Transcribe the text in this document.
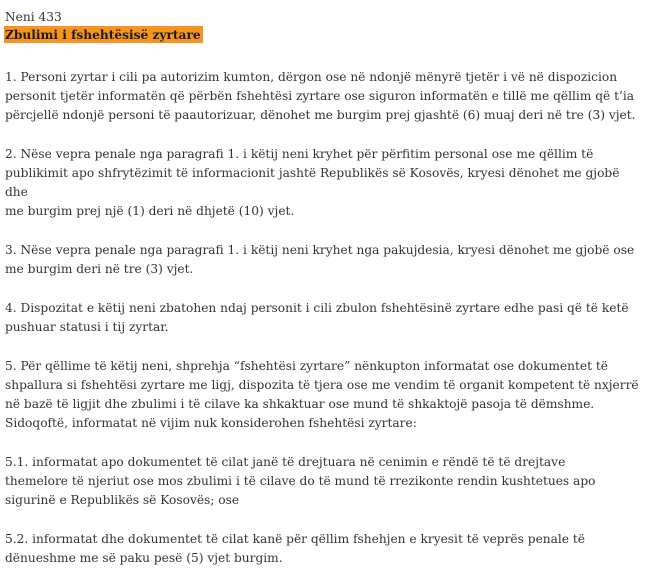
Neni 433

Zbulimi i fshehtësisë zyrtare

1. Personi zyrtar i cili pa autorizim kumton, dërgon ose në ndonjë mënyrë tjetër i vë në dispozicion
personit tjetër informatën që përbën fshehtësi zyrtare ose siguron informatën e tillë me qëllim që t’ia
përcjellë ndonjë personi të paautorizuar, dënohet me burgim prej gjashtë (6) muaj deri në tre (3) vjet.

2. Nëse vepra penale nga paragrafi 1. i këtij neni kryhet për përfitim personal ose me qëllim të
publikimit apo shfrytëzimit të informacionit jashtë Republikës së Kosovës, kryesi dënohet me gjobë dhe
me burgim prej një (1) deri në dhjetë (10) vjet.

3. Nëse vepra penale nga paragrafi 1. i këtij neni kryhet nga pakujdesia, kryesi dënohet me gjobë ose
me burgim deri në tre (3) vjet.

4. Dispozitat e këtij neni zbatohen ndaj personit i cili zbulon fshehtësinë zyrtare edhe pasi që të ketë
pushuar statusi i tij zyrtar.

5. Për qëllime të këtij neni, shprehja “fshehtësi zyrtare” nënkupton informatat ose dokumentet të
shpallura si fshehtësi zyrtare me ligj, dispozita të tjera ose me vendim të organit kompetent të nxjerrë
në bazë të ligjit dhe zbulimi i të cilave ka shkaktuar ose mund të shkaktojë pasoja të dëmshme.
Sidoqoftë, informatat në vijim nuk konsiderohen fshehtësi zyrtare:

5.1. informatat apo dokumentet të cilat janë të drejtuara në cenimin e rëndë të të drejtave
themelore të njeriut ose mos zbulimi i të cilave do të mund të rrezikonte rendin kushtetues apo
sigurinë e Republikës së Kosovës; ose

5.2. informatat dhe dokumentet të cilat kanë për qëllim fshehjen e kryesit të veprës penale të
dënueshme me së paku pesë (5) vjet burgim.
